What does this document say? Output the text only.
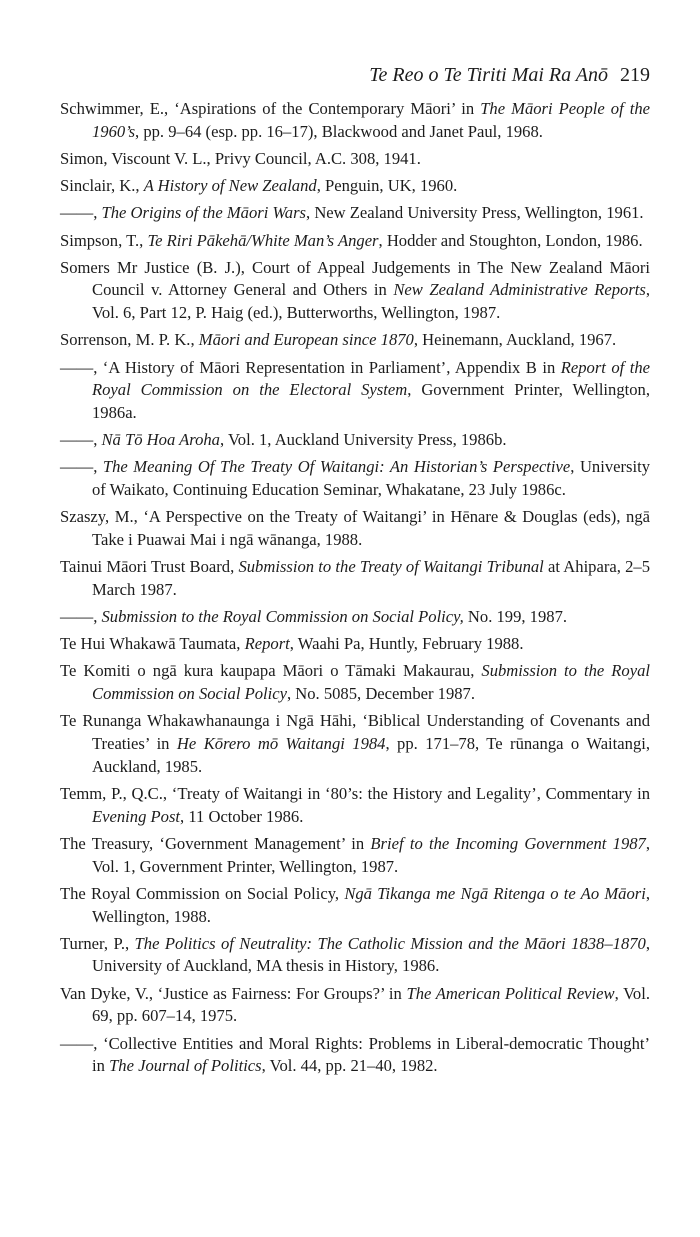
Te Reo o Te Tiriti Mai Ra Anō 219
Schwimmer, E., ‘Aspirations of the Contemporary Māori’ in The Māori People of the 1960’s, pp. 9–64 (esp. pp. 16–17), Blackwood and Janet Paul, 1968.
Simon, Viscount V. L., Privy Council, A.C. 308, 1941.
Sinclair, K., A History of New Zealand, Penguin, UK, 1960.
——, The Origins of the Māori Wars, New Zealand University Press, Wellington, 1961.
Simpson, T., Te Riri Pākehā/White Man’s Anger, Hodder and Stoughton, London, 1986.
Somers Mr Justice (B. J.), Court of Appeal Judgements in The New Zealand Māori Council v. Attorney General and Others in New Zealand Administrative Reports, Vol. 6, Part 12, P. Haig (ed.), Butterworths, Wellington, 1987.
Sorrenson, M. P. K., Māori and European since 1870, Heinemann, Auckland, 1967.
——, ‘A History of Māori Representation in Parliament’, Appendix B in Report of the Royal Commission on the Electoral System, Government Printer, Wellington, 1986a.
——, Nā Tō Hoa Aroha, Vol. 1, Auckland University Press, 1986b.
——, The Meaning Of The Treaty Of Waitangi: An Historian’s Perspective, University of Waikato, Continuing Education Seminar, Whakatane, 23 July 1986c.
Szaszy, M., ‘A Perspective on the Treaty of Waitangi’ in Hēnare & Douglas (eds), ngā Take i Puawai Mai i ngā wānanga, 1988.
Tainui Māori Trust Board, Submission to the Treaty of Waitangi Tribunal at Ahipara, 2–5 March 1987.
——, Submission to the Royal Commission on Social Policy, No. 199, 1987.
Te Hui Whakawā Taumata, Report, Waahi Pa, Huntly, February 1988.
Te Komiti o ngā kura kaupapa Māori o Tāmaki Makaurau, Submission to the Royal Commission on Social Policy, No. 5085, December 1987.
Te Runanga Whakawhanaunga i Ngā Hāhi, ‘Biblical Understanding of Covenants and Treaties’ in He Kōrero mō Waitangi 1984, pp. 171–78, Te rūnanga o Waitangi, Auckland, 1985.
Temm, P., Q.C., ‘Treaty of Waitangi in ‘80’s: the History and Legality’, Commentary in Evening Post, 11 October 1986.
The Treasury, ‘Government Management’ in Brief to the Incoming Government 1987, Vol. 1, Government Printer, Wellington, 1987.
The Royal Commission on Social Policy, Ngā Tikanga me Ngā Ritenga o te Ao Māori, Wellington, 1988.
Turner, P., The Politics of Neutrality: The Catholic Mission and the Māori 1838–1870, University of Auckland, MA thesis in History, 1986.
Van Dyke, V., ‘Justice as Fairness: For Groups?’ in The American Political Review, Vol. 69, pp. 607–14, 1975.
——, ‘Collective Entities and Moral Rights: Problems in Liberal-democratic Thought’ in The Journal of Politics, Vol. 44, pp. 21–40, 1982.
